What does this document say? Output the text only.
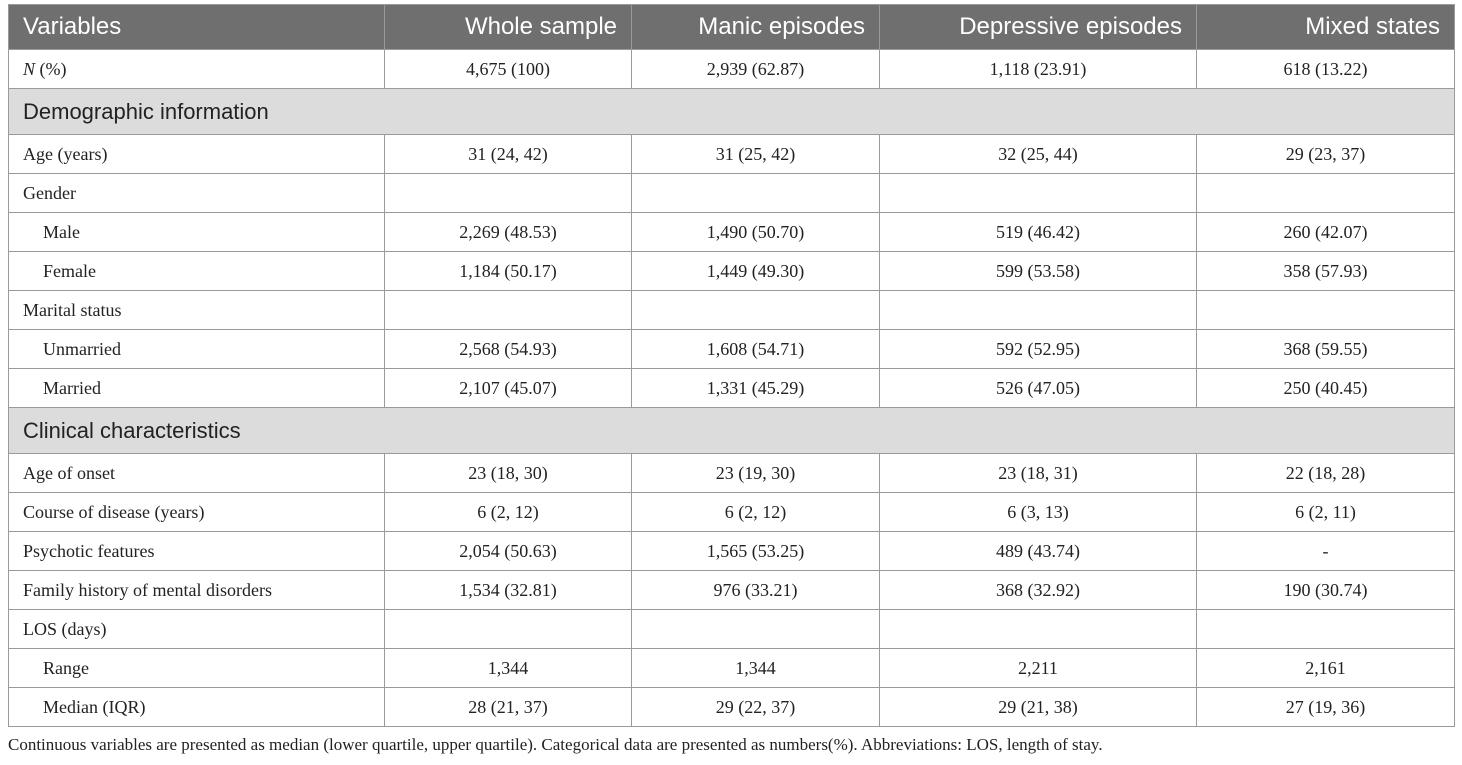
Variables	Whole sample	Manic episodes	Depressive episodes	Mixed states
N (%)	4,675 (100)	2,939 (62.87)	1,118 (23.91)	618 (13.22)
Demographic information				
Age (years)	31 (24, 42)	31 (25, 42)	32 (25, 44)	29 (23, 37)
Gender				
Male	2,269 (48.53)	1,490 (50.70)	519 (46.42)	260 (42.07)
Female	1,184 (50.17)	1,449 (49.30)	599 (53.58)	358 (57.93)
Marital status				
Unmarried	2,568 (54.93)	1,608 (54.71)	592 (52.95)	368 (59.55)
Married	2,107 (45.07)	1,331 (45.29)	526 (47.05)	250 (40.45)
Clinical characteristics				
Age of onset	23 (18, 30)	23 (19, 30)	23 (18, 31)	22 (18, 28)
Course of disease (years)	6 (2, 12)	6 (2, 12)	6 (3, 13)	6 (2, 11)
Psychotic features	2,054 (50.63)	1,565 (53.25)	489 (43.74)	-
Family history of mental disorders	1,534 (32.81)	976 (33.21)	368 (32.92)	190 (30.74)
LOS (days)				
Range	1,344	1,344	2,211	2,161
Median (IQR)	28 (21, 37)	29 (22, 37)	29 (21, 38)	27 (19, 36)
Continuous variables are presented as median (lower quartile, upper quartile). Categorical data are presented as numbers(%). Abbreviations: LOS, length of stay.
